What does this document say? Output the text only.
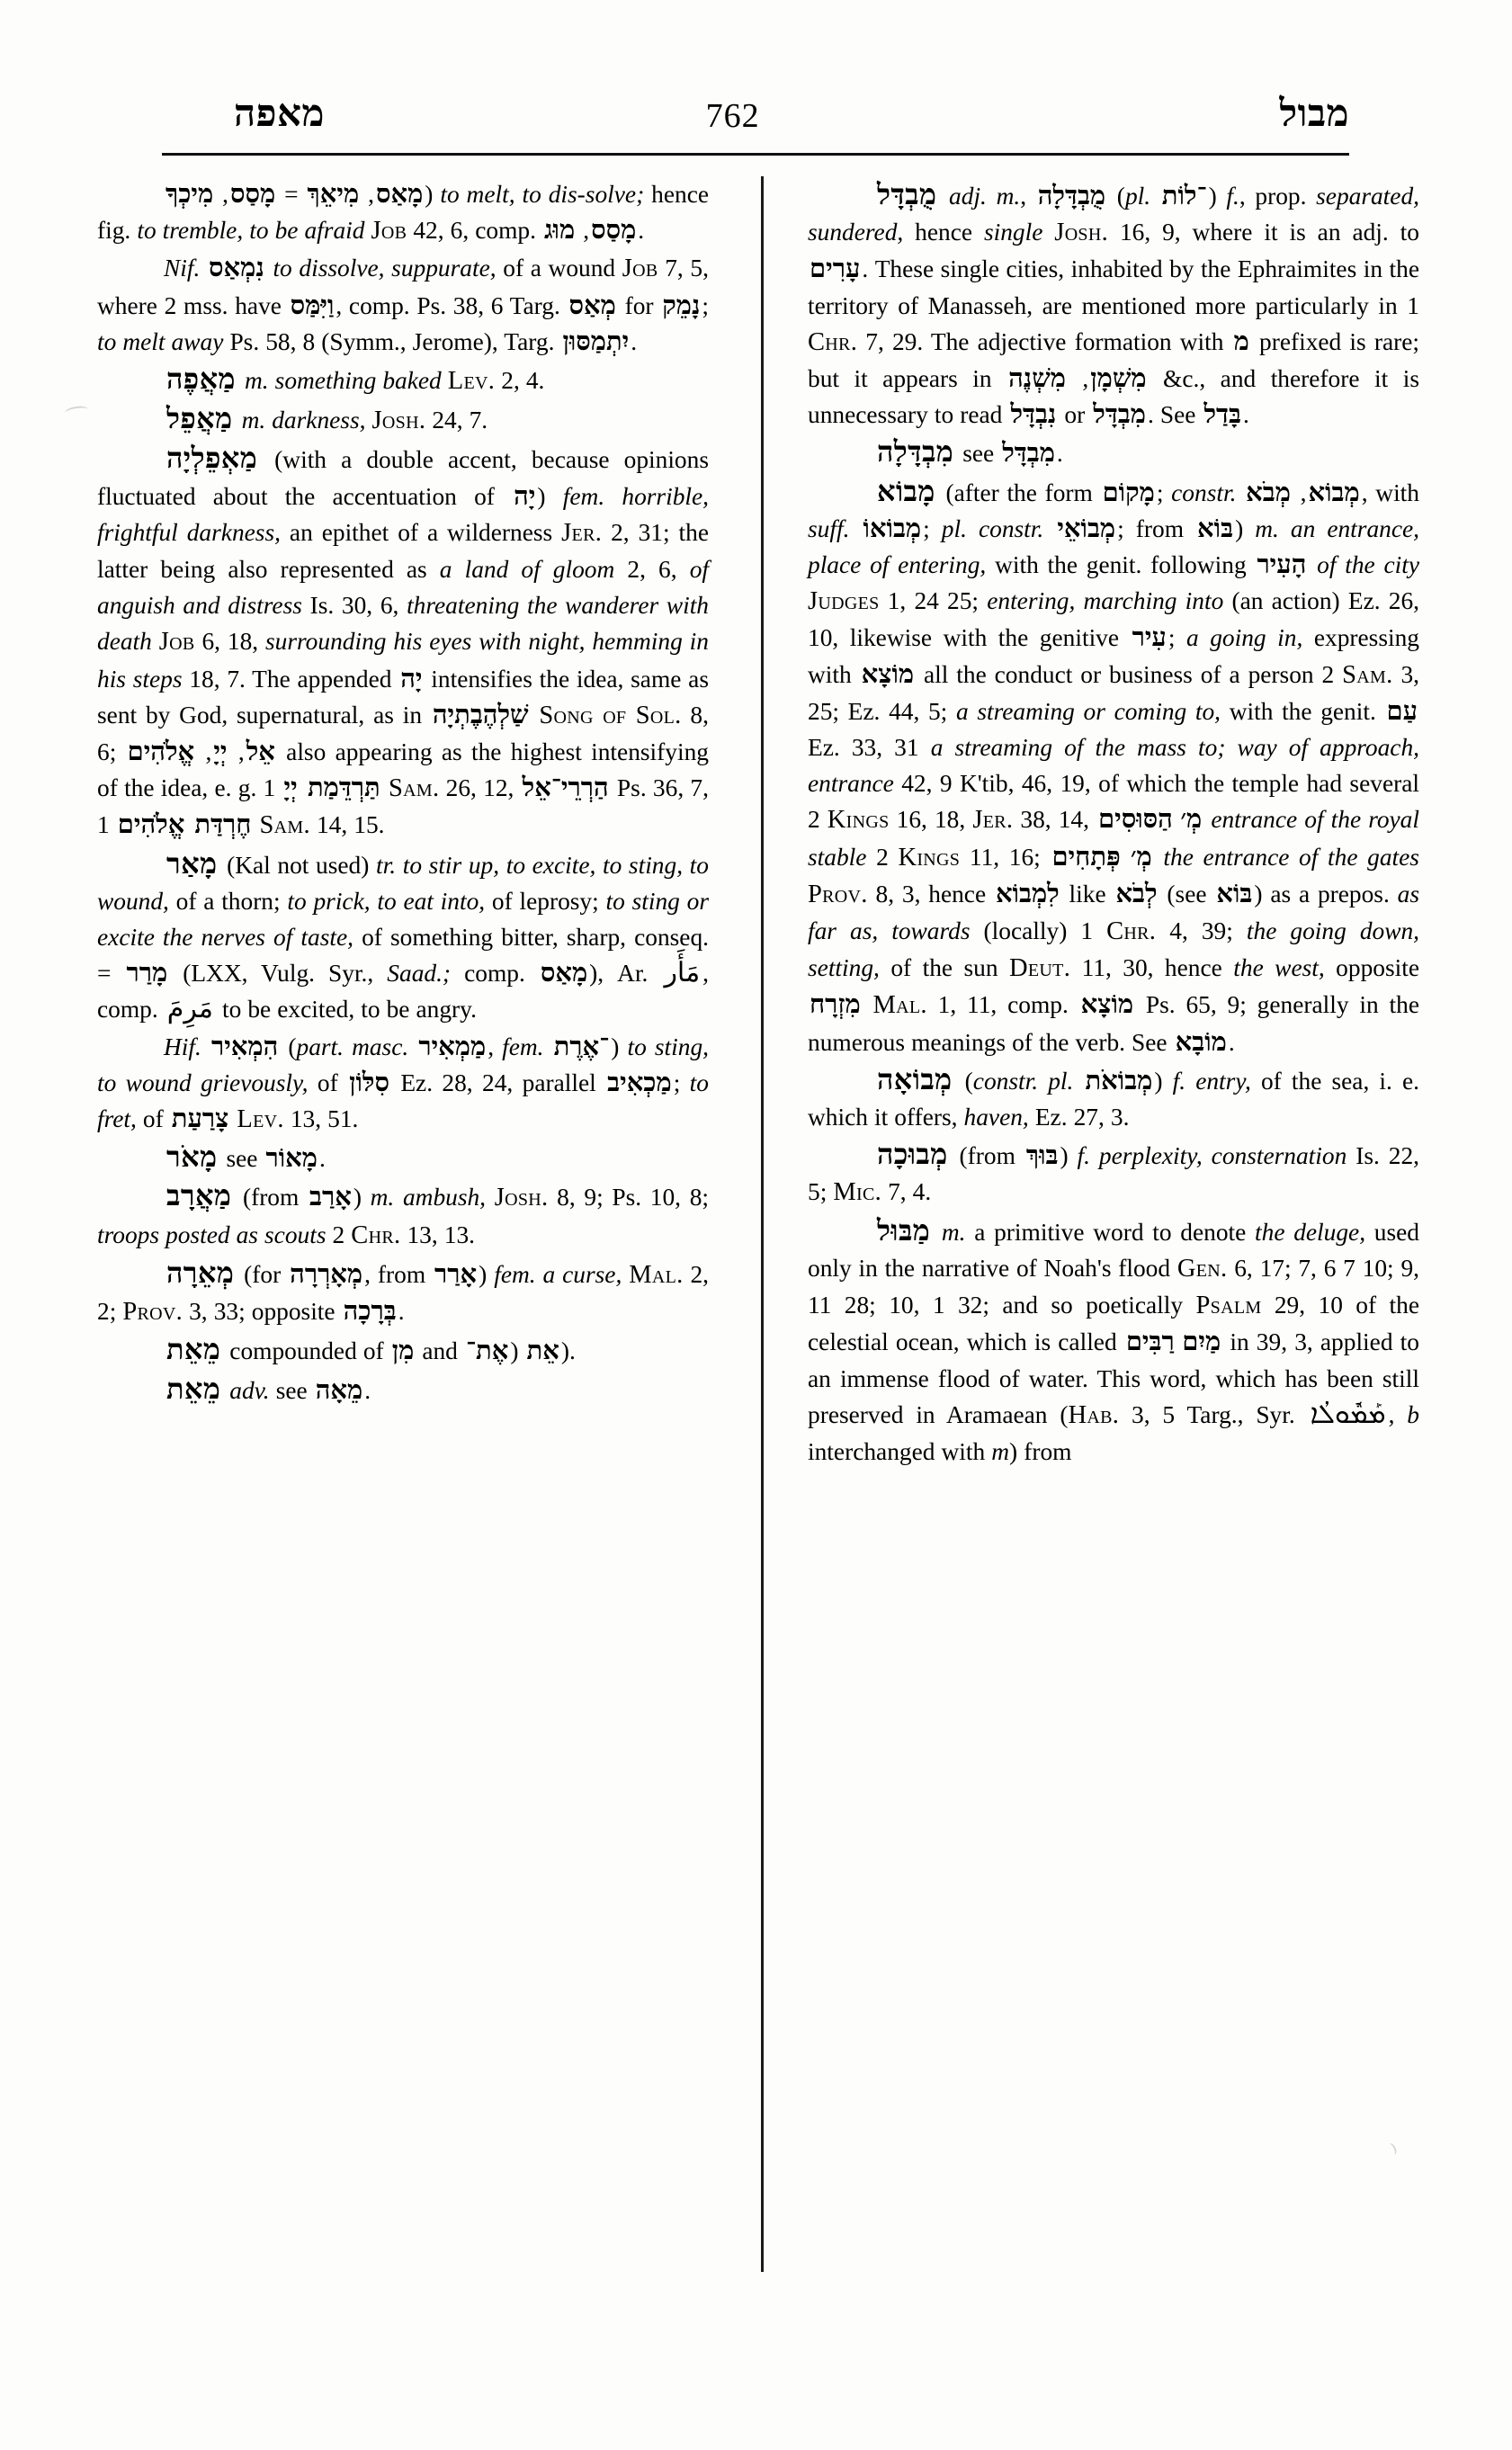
מאפה	762	מבול

מָאַס, מִיאֵךְ = מָסַס, מִיכְךָ	) to melt, to dis-solve; hence fig. to tremble, to be afraid Job 42, 6, comp. מָסַס, מוּג	.

Nif. נִמְאַס to dissolve, suppurate, of a wound Job 7, 5, where 2 mss. have וַיִּמַּס, comp. Ps. 38, 6 Targ. מְאַס for נָמֵק; to melt away Ps. 58, 8 (Symm., Jerome), Targ. יִתְמַסּוּן.

מַאֲפֶה m. something baked Lev. 2, 4.

מַאֲפֵל m. darkness, Josh. 24, 7.

מַאְפֵלְיָה (with a double accent, because opinions fluctuated about the accentuation of יָה) fem. horrible, frightful darkness, an epithet of a wilderness Jer. 2, 31; the latter being also represented as a land of gloom 2, 6, of anguish and distress Is. 30, 6, threatening the wanderer with death Job 6, 18, surrounding his eyes with night, hemming in his steps 18, 7. The appended יָה intensifies the idea, same as sent by God, supernatural, as in שַׁלְהֶבֶתְיָה Song of Sol. 8, 6;	אֵל, יְיָ, אֱלֹהִים	also appearing as the highest intensifying of the idea, e. g. תַּרְדֵּמַת יְיָ 1 Sam. 26, 12, הַרְרֵי־אֵל Ps. 36, 7, חֶרְדַּת אֱלֹהִים 1 Sam. 14, 15.

מָאַר (Kal not used) tr. to stir up, to excite, to sting, to wound, of a thorn; to prick, to eat into, of leprosy; to sting or excite the nerves of taste, of something bitter, sharp, conseq. = מָרַר (LXX, Vulg. Syr., Saad.; comp. מָאַס), Ar. مَأَر , comp. مَرِمَ to be excited, to be angry.

Hif. הִמְאִיר (part. masc. מַמְאִיר, fem. ־אֶרֶת) to sting, to wound grievously, of סִלּוֹן Ez. 28, 24, parallel מַכְאִיב; to fret, of צָרַעַת Lev. 13, 51.

מָאֹר see מָאוֹר.

מַאֲרָב (from אָרַב) m. ambush, Josh. 8, 9; Ps. 10, 8; troops posted as scouts 2 Chr. 13, 13.

מְאֵרָה (for מְאָרְרָה, from אָרַר) fem. a curse, Mal. 2, 2; Prov. 3, 33; opposite בְּרָכָה.

מֵאֵת compounded of מִן and אֵת (אֶת־ ).

מֵאֵת adv. see מֵאָה.

מֻבְדָּל adj. m., מֻבְדָּלָה (pl. ־לוֹת) f., prop. separated, sundered, hence single Josh. 16, 9, where it is an adj. to עָרִים. These single cities, inhabited by the Ephraimites in the territory of Manasseh, are mentioned more particularly in 1 Chr. 7, 29. The adjective formation with מ prefixed is rare; but it appears in	מִשְׁמָן, מִשְׁנֶה	&c., and therefore it is unnecessary to read נִבְדָּל or מִבְדָּל. See בָּדַל.

מִבְדָּלָה see מִבְדָּל.

מָבוֹא (after the form מָקוֹם; constr.	מְבוֹא, מְבֹא	, with suff. מְבוֹאוֹ; pl. constr. מְבוֹאֵי; from בּוֹא) m. an entrance, place of entering, with the genit. following הָעִיר of the city Judges 1, 24 25; entering, marching into (an action) Ez. 26, 10, likewise with the genitive עִיר; a going in, expressing with מוֹצָא all the conduct or business of a person 2 Sam. 3, 25; Ez. 44, 5; a streaming or coming to, with the genit. עַם Ez. 33, 31 a streaming of the mass to; way of approach, entrance 42, 9 K'tib, 46, 19, of which the temple had several 2 Kings 16, 18, Jer. 38, 14, מְ׳ הַסּוּסִים entrance of the royal stable 2 Kings 11, 16; מְ׳ פְּתָחִים the entrance of the gates Prov. 8, 3, hence לִמְבוֹא like לְבֹא (see בּוֹא) as a prepos. as far as, towards (locally) 1 Chr. 4, 39; the going down, setting, of the sun Deut. 11, 30, hence the west, opposite מִזְרָח Mal. 1, 11, comp. מוֹצָא Ps. 65, 9; generally in the numerous meanings of the verb. See מוֹבָא.

מְבוֹאָה (constr. pl. מְבוֹאֹת) f. entry, of the sea, i. e. which it offers, haven, Ez. 27, 3.

מְבוּכָה (from בּוּךְ) f. perplexity, consternation Is. 22, 5; Mic. 7, 4.

מַבּוּל m. a primitive word to denote the deluge, used only in the narrative of Noah's flood Gen. 6, 17; 7, 6 7 10; 9, 11 28; 10, 1 32; and so poetically Psalm 29, 10 of the celestial ocean, which is called מַיִם רַבִּים in 39, 3, applied to an immense flood of water. This word, which has been still preserved in Aramaean (Hab. 3, 5 Targ., Syr. ܡܰܡܽܘܠܳܐ , b interchanged with m) from
